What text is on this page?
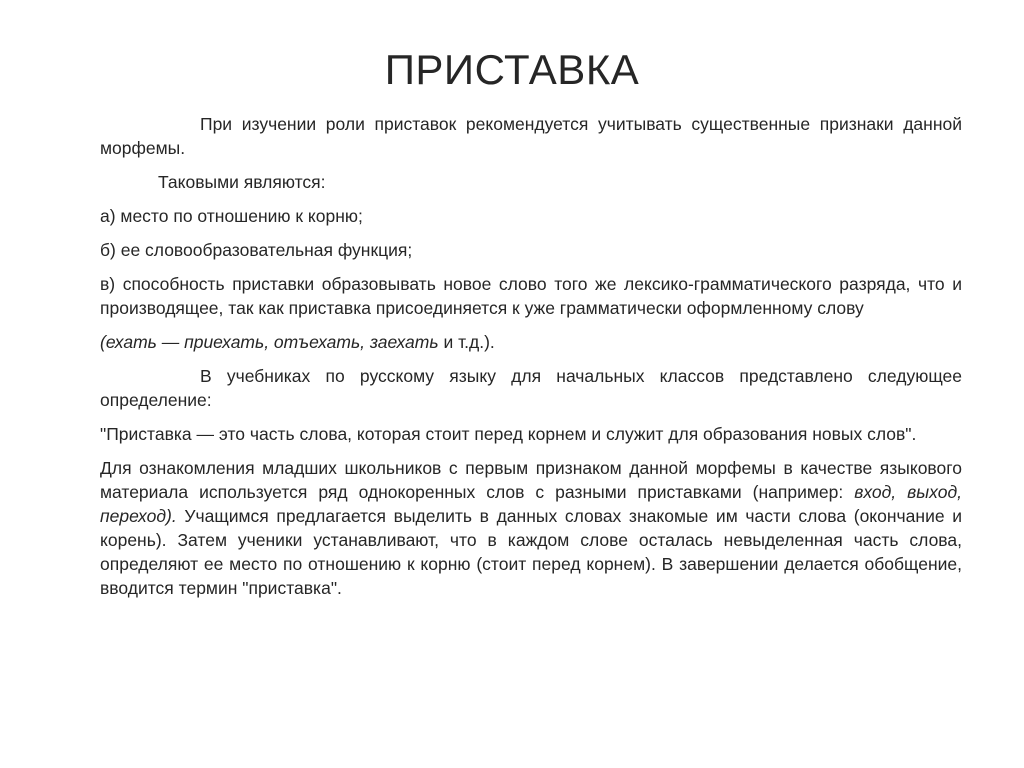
ПРИСТАВКА

При изучении роли приставок рекомендуется учитывать существенные признаки данной морфемы.

Таковыми являются:

а) место по отношению к корню;

б) ее словообразовательная функция;

в) способность приставки образовывать новое слово того же лексико-грамматического разряда, что и производящее, так как приставка присоединяется к уже грамматически оформленному слову

(ехать — приехать, отъехать, заехать и т.д.).

В учебниках по русскому языку для начальных классов представлено следующее определение:

"Приставка — это часть слова, которая стоит перед корнем и служит для образования новых слов".

Для ознакомления младших школьников с первым признаком данной морфемы в качестве языкового материала используется ряд однокоренных слов с разными приставками (например: вход, выход, переход). Учащимся предлагается выделить в данных словах знакомые им части слова (окончание и корень). Затем ученики устанавливают, что в каждом слове осталась невыделенная часть слова, определяют ее место по отношению к корню (стоит перед корнем). В завершении делается обобщение, вводится термин "приставка".
